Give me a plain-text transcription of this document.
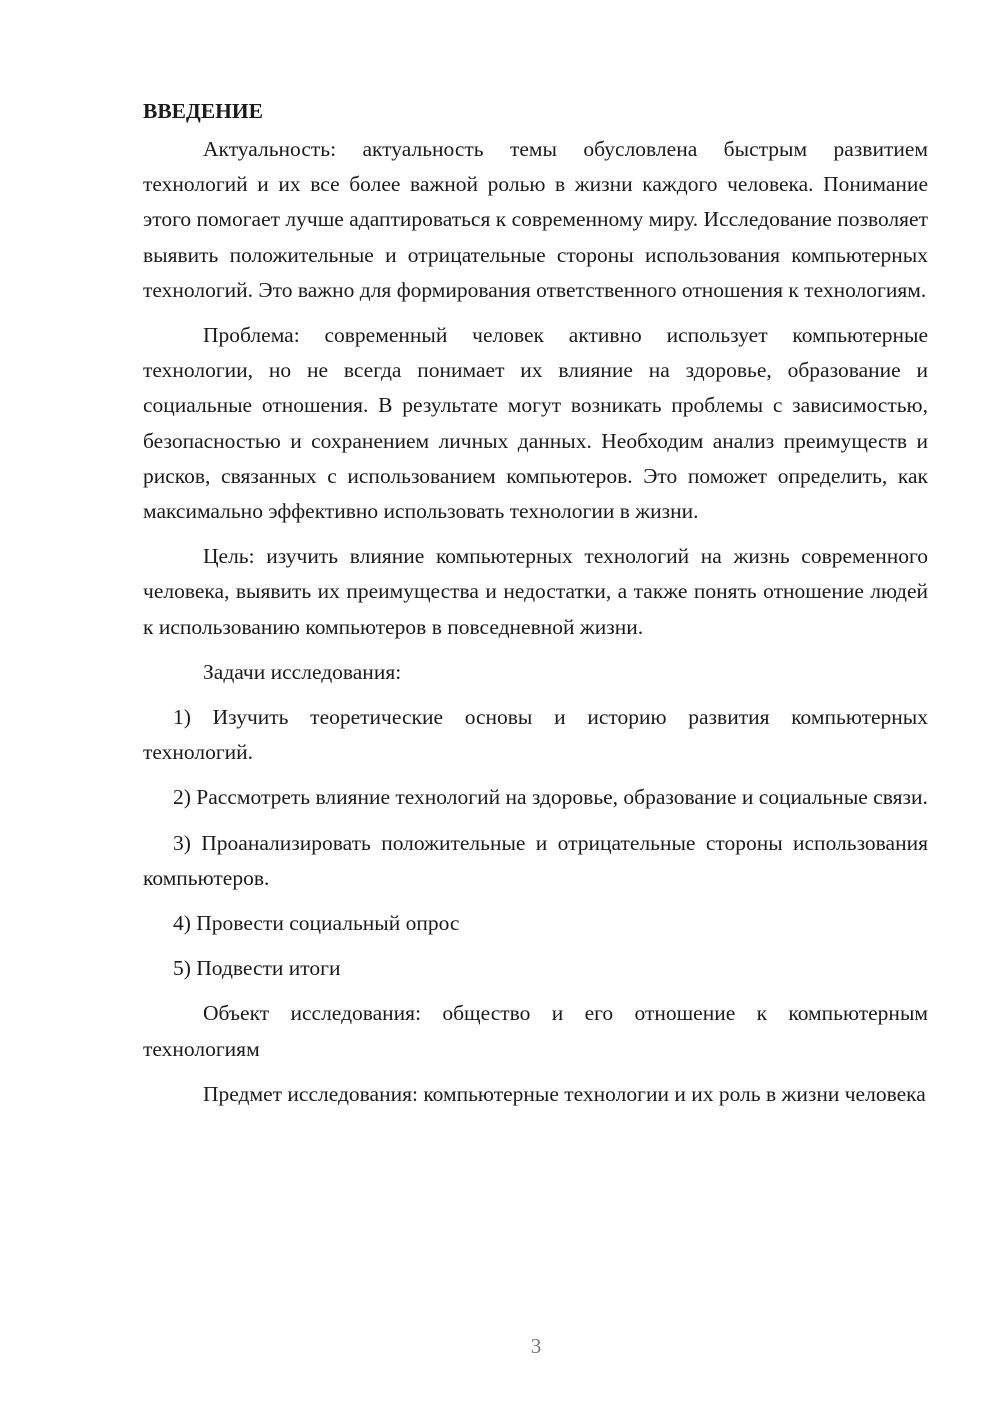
ВВЕДЕНИЕ

Актуальность: актуальность темы обусловлена быстрым развитием технологий и их все более важной ролью в жизни каждого человека. Понимание этого помогает лучше адаптироваться к современному миру. Исследование позволяет выявить положительные и отрицательные стороны использования компьютерных технологий. Это важно для формирования ответственного отношения к технологиям.

Проблема: современный человек активно использует компьютерные технологии, но не всегда понимает их влияние на здоровье, образование и социальные отношения. В результате могут возникать проблемы с зависимостью, безопасностью и сохранением личных данных. Необходим анализ преимуществ и рисков, связанных с использованием компьютеров. Это поможет определить, как максимально эффективно использовать технологии в жизни.

Цель: изучить влияние компьютерных технологий на жизнь современного человека, выявить их преимущества и недостатки, а также понять отношение людей к использованию компьютеров в повседневной жизни.

Задачи исследования:

1) Изучить теоретические основы и историю развития компьютерных технологий.

2) Рассмотреть влияние технологий на здоровье, образование и социальные связи.

3) Проанализировать положительные и отрицательные стороны использования компьютеров.

4) Провести социальный опрос

5) Подвести итоги

Объект исследования: общество и его отношение к компьютерным технологиям

Предмет исследования: компьютерные технологии и их роль в жизни человека

3
